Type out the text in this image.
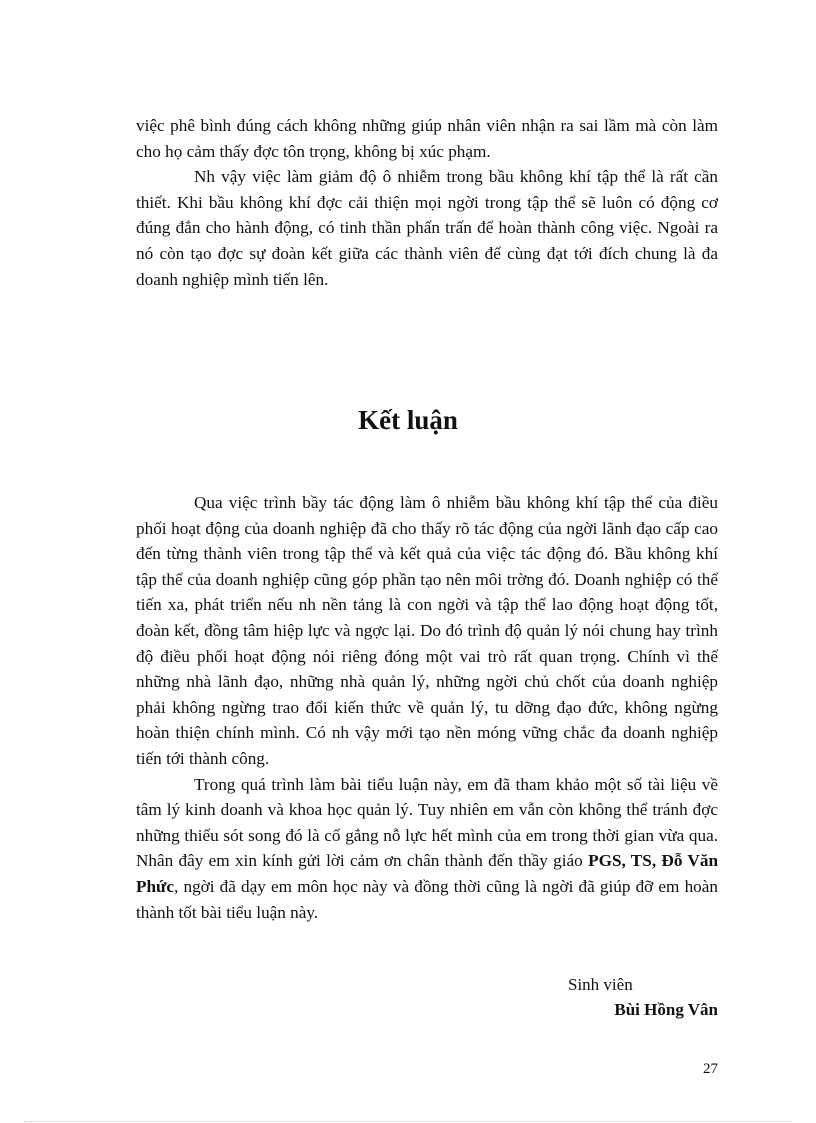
việc phê bình đúng cách không những giúp nhân viên nhận ra sai lầm mà còn làm cho họ cảm thấy đợc tôn trọng, không bị xúc phạm.

Nh vậy việc làm giảm độ ô nhiễm trong bầu không khí tập thể là rất cần thiết. Khi bầu không khí đợc cải thiện mọi ngời trong tập thể sẽ luôn có động cơ đúng đắn cho hành động, có tinh thần phấn trấn để hoàn thành công việc. Ngoài ra nó còn tạo đợc sự đoàn kết giữa các thành viên để cùng đạt tới đích chung là đa doanh nghiệp mình tiến lên.

Kết luận

Qua việc trình bầy tác động làm ô nhiễm bầu không khí tập thể của điều phối hoạt động của doanh nghiệp đã cho thấy rõ tác động của ngời lãnh đạo cấp cao đến từng thành viên trong tập thể và kết quả của việc tác động đó. Bầu không khí tập thể của doanh nghiệp cũng góp phần tạo nên môi trờng đó. Doanh nghiệp có thể tiến xa, phát triển nếu nh nền tảng là con ngời và tập thể lao động hoạt động tốt, đoàn kết, đồng tâm hiệp lực và ngợc lại. Do đó trình độ quản lý nói chung hay trình độ điều phối hoạt động nói riêng đóng một vai trò rất quan trọng. Chính vì thế những nhà lãnh đạo, những nhà quản lý, những ngời chủ chốt của doanh nghiệp phải không ngừng trao đổi kiến thức về quản lý, tu dỡng đạo đức, không ngừng hoàn thiện chính mình. Có nh vậy mới tạo nền móng vững chắc đa doanh nghiệp tiến tới thành công.

Trong quá trình làm bài tiểu luận này, em đã tham khảo một số tài liệu về tâm lý kinh doanh và khoa học quản lý. Tuy nhiên em vẫn còn không thể tránh đợc những thiếu sót song đó là cố gắng nỗ lực hết mình của em trong thời gian vừa qua. Nhân đây em xin kính gửi lời cảm ơn chân thành đến thầy giáo PGS, TS, Đỗ Văn Phức, ngời đã dạy em môn học này và đồng thời cũng là ngời đã giúp đỡ em hoàn thành tốt bài tiểu luận này.

Sinh viên
Bùi Hồng Vân
27
